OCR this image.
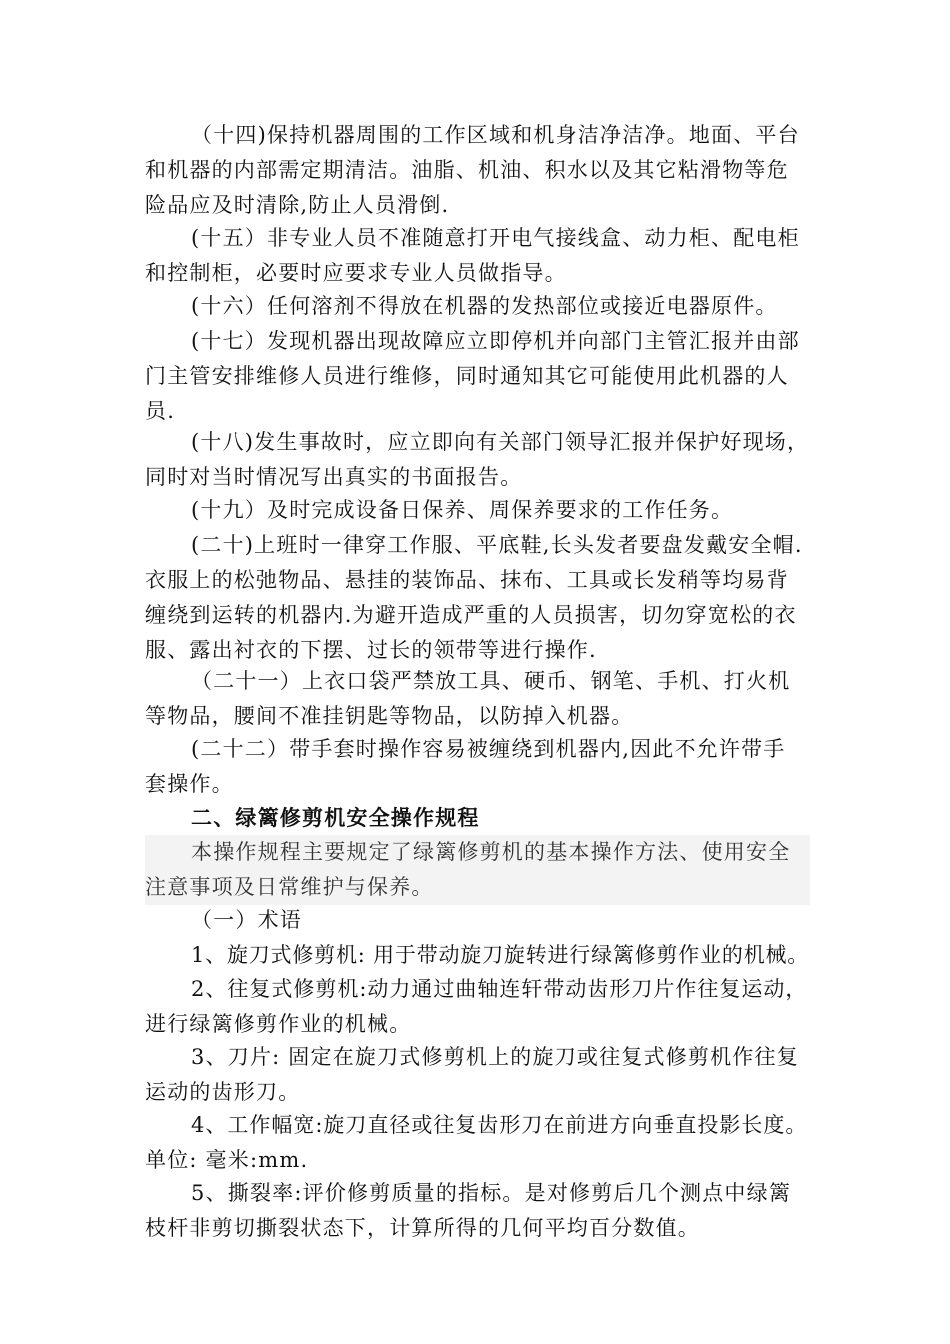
（十四)保持机器周围的工作区域和机身洁净洁净。地面、平台
和机器的内部需定期清洁。油脂、机油、积水以及其它粘滑物等危
险品应及时清除,防止人员滑倒.

(十五）非专业人员不准随意打开电气接线盒、动力柜、配电柜
和控制柜，必要时应要求专业人员做指导。

(十六）任何溶剂不得放在机器的发热部位或接近电器原件。

(十七）发现机器出现故障应立即停机并向部门主管汇报并由部
门主管安排维修人员进行维修，同时通知其它可能使用此机器的人
员.

(十八)发生事故时，应立即向有关部门领导汇报并保护好现场，
同时对当时情况写出真实的书面报告。

(十九）及时完成设备日保养、周保养要求的工作任务。

(二十)上班时一律穿工作服、平底鞋,长头发者要盘发戴安全帽.
衣服上的松弛物品、悬挂的装饰品、抹布、工具或长发稍等均易背
缠绕到运转的机器内.为避开造成严重的人员损害，切勿穿宽松的衣
服、露出衬衣的下摆、过长的领带等进行操作.

（二十一）上衣口袋严禁放工具、硬币、钢笔、手机、打火机
等物品，腰间不准挂钥匙等物品，以防掉入机器。

(二十二）带手套时操作容易被缠绕到机器内,因此不允许带手
套操作。

二、绿篱修剪机安全操作规程

本操作规程主要规定了绿篱修剪机的基本操作方法、使用安全
注意事项及日常维护与保养。

（一）术语

1、旋刀式修剪机: 用于带动旋刀旋转进行绿篱修剪作业的机械。

2、往复式修剪机:动力通过曲轴连轩带动齿形刀片作往复运动，
进行绿篱修剪作业的机械。

3、刀片: 固定在旋刀式修剪机上的旋刀或往复式修剪机作往复
运动的齿形刀。

4、工作幅宽:旋刀直径或往复齿形刀在前进方向垂直投影长度。
单位: 毫米:mm.

5、撕裂率:评价修剪质量的指标。是对修剪后几个测点中绿篱
枝杆非剪切撕裂状态下，计算所得的几何平均百分数值。
